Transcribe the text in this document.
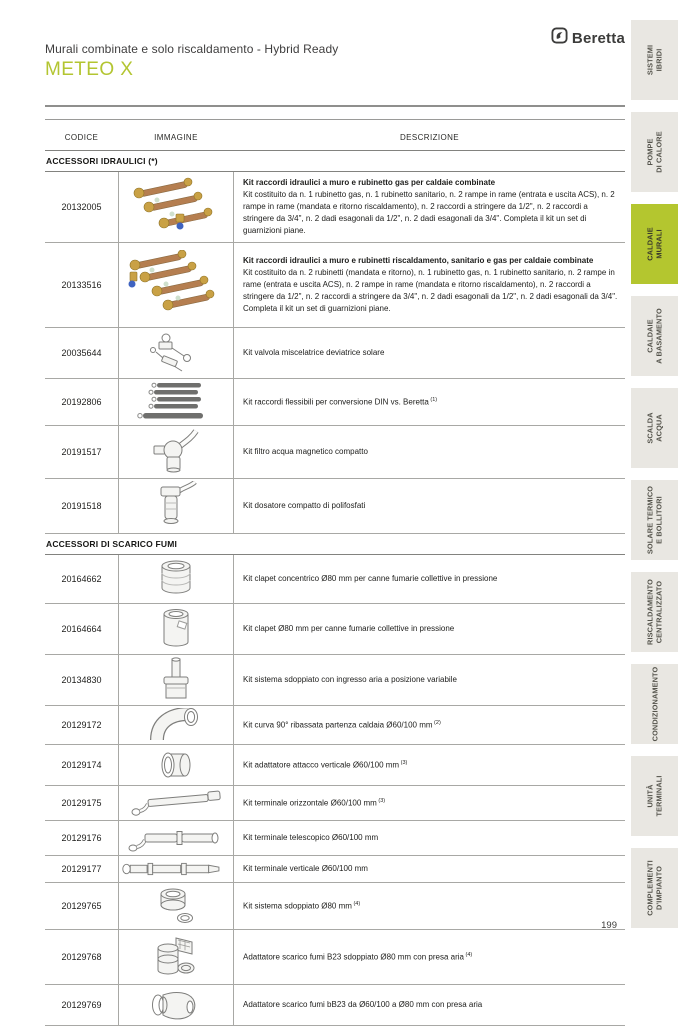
Beretta
Murali combinate e solo riscaldamento - Hybrid Ready
METEO X
CODICE	IMMAGINE	DESCRIZIONE
ACCESSORI IDRAULICI (*)
20132005
Kit raccordi idraulici a muro e rubinetto gas per caldaie combinate
Kit costituito da n. 1 rubinetto gas, n. 1 rubinetto sanitario, n. 2 rampe in rame (entrata e uscita ACS), n. 2 rampe in rame (mandata e ritorno riscaldamento), n. 2 raccordi a stringere da 1/2", n. 2 raccordi a stringere da 3/4", n. 2 dadi esagonali da 1/2", n. 2 dadi esagonali da 3/4". Completa il kit un set di guarnizioni piane.
20133516
Kit raccordi idraulici a muro e rubinetti riscaldamento, sanitario e gas per caldaie combinate
Kit costituito da n. 2 rubinetti (mandata e ritorno), n. 1 rubinetto gas, n. 1 rubinetto sanitario, n. 2 rampe in rame (entrata e uscita ACS), n. 2 rampe in rame (mandata e ritorno riscaldamento), n. 2 raccordi a stringere da 1/2", n. 2 raccordi a stringere da 3/4", n. 2 dadi esagonali da 1/2", n. 2 dadi esagonali da 3/4". Completa il kit un set di guarnizioni piane.
20035644	Kit valvola miscelatrice deviatrice solare
20192806	Kit raccordi flessibili per conversione DIN vs. Beretta $^{(1)}$
20191517	Kit filtro acqua magnetico compatto
20191518	Kit dosatore compatto di polifosfati
ACCESSORI DI SCARICO FUMI
20164662	Kit clapet concentrico Ø80 mm per canne fumarie collettive in pressione
20164664	Kit clapet Ø80 mm per canne fumarie collettive in pressione
20134830	Kit sistema sdoppiato con ingresso aria a posizione variabile
20129172	Kit curva 90° ribassata partenza caldaia Ø60/100 mm $^{(2)}$
20129174	Kit adattatore attacco verticale Ø60/100 mm $^{(3)}$
20129175	Kit terminale orizzontale Ø60/100 mm $^{(3)}$
20129176	Kit terminale telescopico Ø60/100 mm
20129177	Kit terminale verticale Ø60/100 mm
20129765	Kit sistema sdoppiato Ø80 mm $^{(4)}$
20129768	Adattatore scarico fumi B23 sdoppiato Ø80 mm con presa aria $^{(4)}$
20129769	Adattatore scarico fumi bB23 da Ø60/100 a Ø80 mm con presa aria
199
SISTEMI IBRIDI
POMPE DI CALORE
CALDAIE MURALI
CALDAIE A BASAMENTO
SCALDA ACQUA
SOLARE TERMICO E BOLLITORI
RISCALDAMENTO CENTRALIZZATO
CONDIZIONAMENTO
UNITÀ TERMINALI
COMPLEMENTI D'IMPIANTO
